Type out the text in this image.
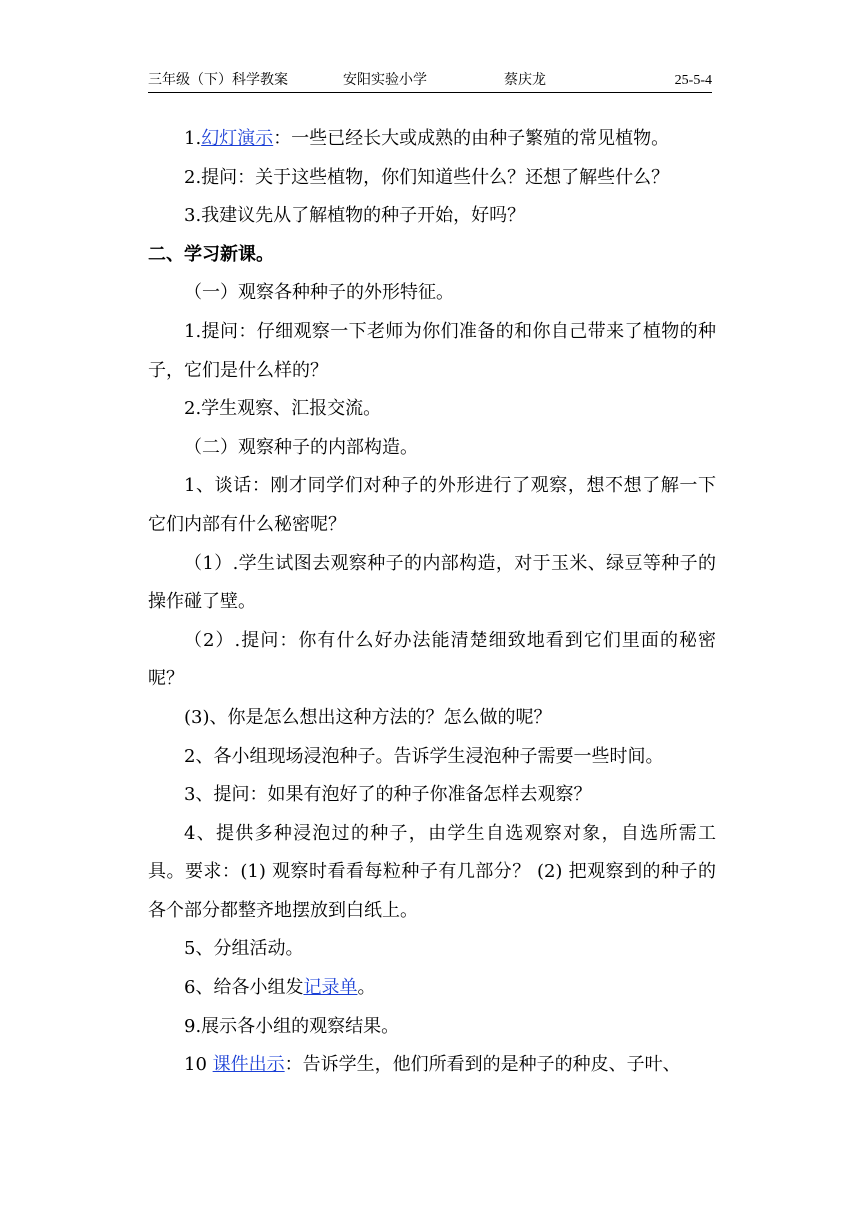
三年级（下）科学教案	安阳实验小学	蔡庆龙	25-5-4

1.幻灯演示：一些已经长大或成熟的由种子繁殖的常见植物。

2.提问：关于这些植物，你们知道些什么？还想了解些什么？

3.我建议先从了解植物的种子开始，好吗？

二、学习新课。

（一）观察各种种子的外形特征。

1.提问：仔细观察一下老师为你们准备的和你自己带来了植物的种子，它们是什么样的？

2.学生观察、汇报交流。

（二）观察种子的内部构造。

1、谈话：刚才同学们对种子的外形进行了观察，想不想了解一下它们内部有什么秘密呢？

（1）.学生试图去观察种子的内部构造，对于玉米、绿豆等种子的操作碰了壁。

（2）.提问：你有什么好办法能清楚细致地看到它们里面的秘密呢？

(3)、你是怎么想出这种方法的？怎么做的呢？

2、各小组现场浸泡种子。告诉学生浸泡种子需要一些时间。

3、提问：如果有泡好了的种子你准备怎样去观察？

4、提供多种浸泡过的种子，由学生自选观察对象，自选所需工具。要求：(1) 观察时看看每粒种子有几部分？ (2) 把观察到的种子的各个部分都整齐地摆放到白纸上。

5、分组活动。

6、给各小组发记录单。

9.展示各小组的观察结果。

10 课件出示：告诉学生，他们所看到的是种子的种皮、子叶、
